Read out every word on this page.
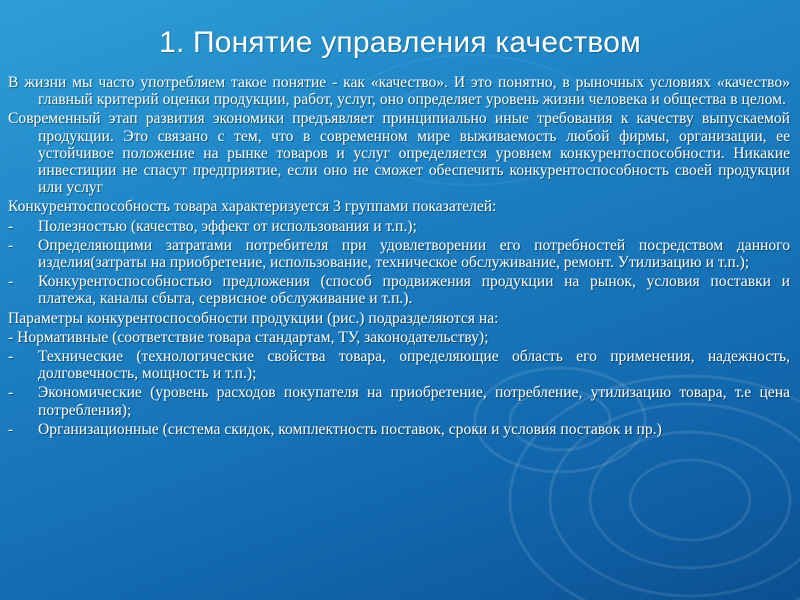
1. Понятие управления качеством
В жизни мы часто употребляем такое понятие - как «качество». И это понятно, в рыночных условиях «качество» главный критерий оценки продукции, работ, услуг, оно определяет уровень жизни человека и общества в целом.
Современный этап развития экономики предъявляет принципиально иные требования к качеству выпускаемой продукции. Это связано с тем, что в современном мире выживаемость любой фирмы, организации, ее устойчивое положение на рынке товаров и услуг определяется уровнем конкурентоспособности. Никакие инвестиции не спасут предприятие, если оно не сможет обеспечить конкурентоспособность своей продукции или услуг
Конкурентоспособность товара характеризуется 3 группами показателей:
- Полезностью (качество, эффект от использования и т.п.);
- Определяющими затратами потребителя при удовлетворении его потребностей посредством данного изделия(затраты на приобретение, использование, техническое обслуживание, ремонт. Утилизацию и т.п.);
- Конкурентоспособностью предложения (способ продвижения продукции на рынок, условия поставки и платежа, каналы сбыта, сервисное обслуживание и т.п.).
Параметры конкурентоспособности продукции (рис.) подразделяются на:
- Нормативные (соответствие товара стандартам, ТУ, законодательству);
- Технические (технологические свойства товара, определяющие область его применения, надежность, долговечность, мощность и т.п.);
- Экономические (уровень расходов покупателя на приобретение, потребление, утилизацию товара, т.е цена потребления);
- Организационные (система скидок, комплектность поставок, сроки и условия поставок и пр.)
